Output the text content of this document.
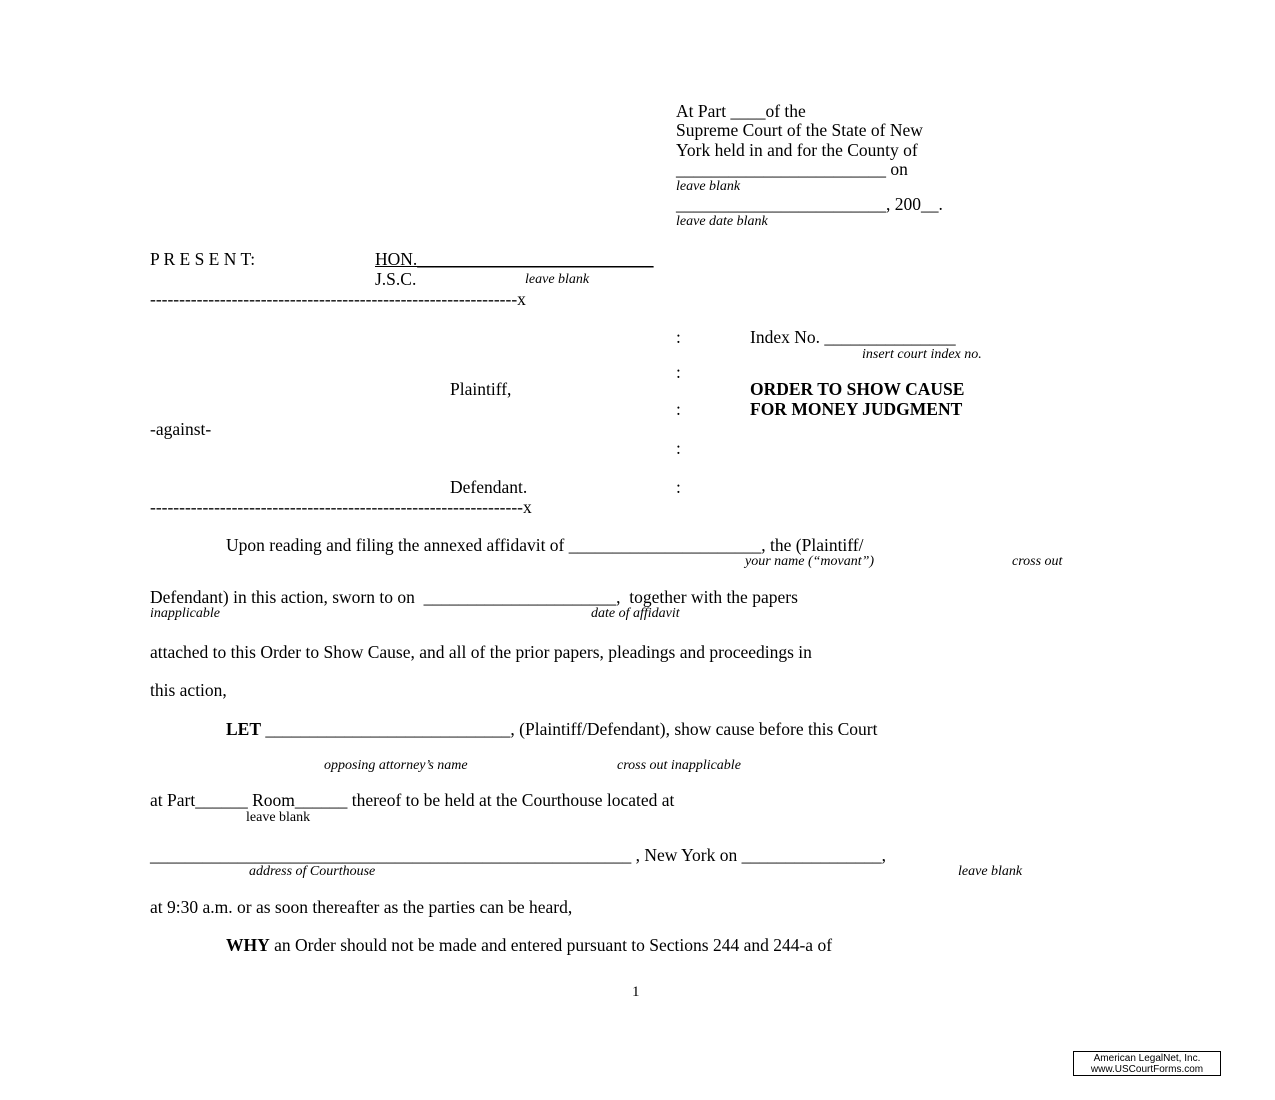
At Part ____of the
Supreme Court of the State of New
York held in and for the County of
________________________ on
leave blank
________________________, 200__.
leave date blank
P R E S E N T:	HON.___________________________
J.S.C.	leave blank
---------------------------------------------------------------x
:
:
:
:
:
Index No. _______________
insert court index no.
ORDER TO SHOW CAUSE
FOR MONEY JUDGMENT
Plaintiff,
-against-
Defendant.
----------------------------------------------------------------x
Upon reading and filing the annexed affidavit of ______________________, the (Plaintiff/
your name (“movant”)	cross out
Defendant) in this action, sworn to on  ______________________,  together with the papers
inapplicable	date of affidavit
attached to this Order to Show Cause, and all of the prior papers, pleadings and proceedings in
this action,
LET ____________________________, (Plaintiff/Defendant), show cause before this Court
opposing attorney’s name	cross out inapplicable
at Part______ Room______ thereof to be held at the Courthouse located at
leave blank
_______________________________________________________ , New York on ________________,
address of Courthouse	leave blank
at 9:30 a.m. or as soon thereafter as the parties can be heard,
WHY an Order should not be made and entered pursuant to Sections 244 and 244-a of
1
American LegalNet, Inc.
www.USCourtForms.com
